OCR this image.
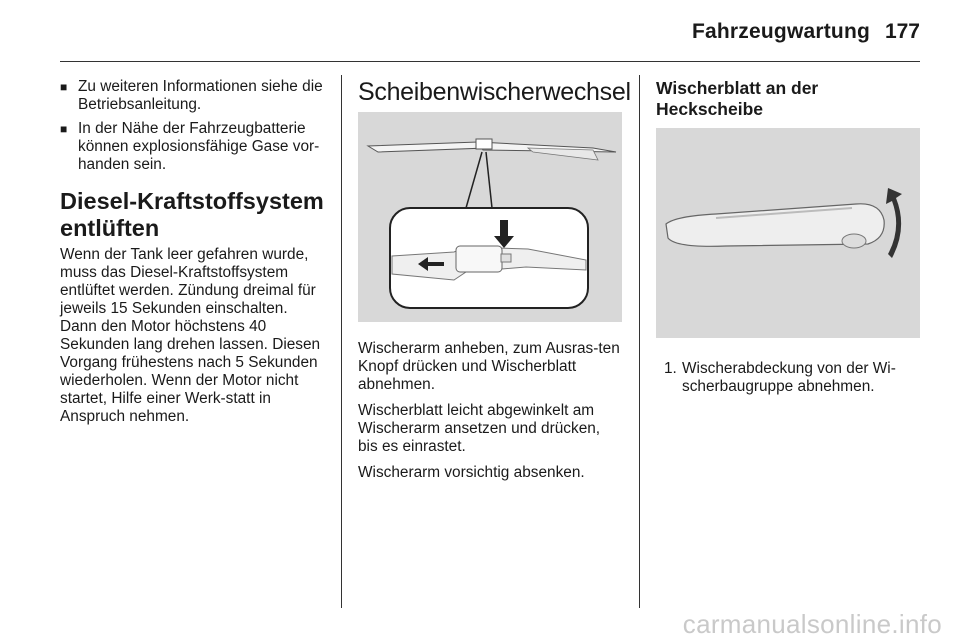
Fahrzeugwartung 177
■ Zu weiteren Informationen siehe die Betriebsanleitung.
■ In der Nähe der Fahrzeugbatterie können explosionsfähige Gase vor-handen sein.
Diesel-Kraftstoffsystem entlüften

Wenn der Tank leer gefahren wurde, muss das Diesel-Kraftstoffsystem entlüftet werden. Zündung dreimal für jeweils 15 Sekunden einschalten. Dann den Motor höchstens 40 Sekunden lang drehen lassen. Diesen Vorgang frühestens nach 5 Sekunden wiederholen. Wenn der Motor nicht startet, Hilfe einer Werk-statt in Anspruch nehmen.

Scheibenwischerwechsel

Wischerarm anheben, zum Ausras-ten Knopf drücken und Wischerblatt abnehmen.

Wischerblatt leicht abgewinkelt am Wischerarm ansetzen und drücken, bis es einrastet.

Wischerarm vorsichtig absenken.

Wischerblatt an der Heckscheibe
1. Wischerabdeckung von der Wi-scherbaugruppe abnehmen.
carmanualsonline.info
